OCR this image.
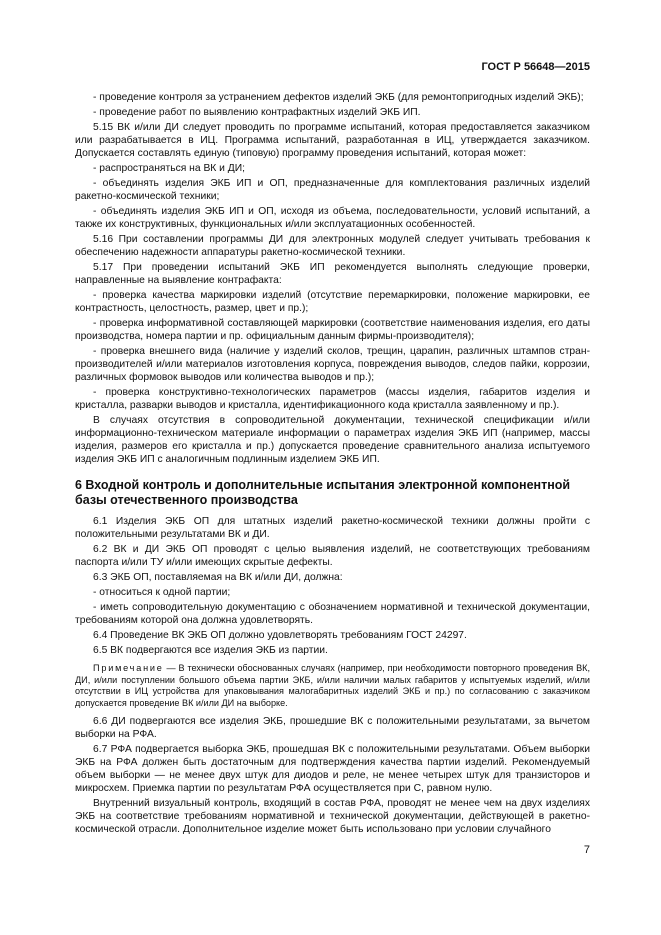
ГОСТ Р 56648—2015

- проведение контроля за устранением дефектов изделий ЭКБ (для ремонтопригодных изделий ЭКБ);

- проведение работ по выявлению контрафактных изделий ЭКБ ИП.

5.15 ВК и/или ДИ следует проводить по программе испытаний, которая предоставляется заказчиком или разрабатывается в ИЦ. Программа испытаний, разработанная в ИЦ, утверждается заказчиком. Допускается составлять единую (типовую) программу проведения испытаний, которая может:

- распространяться на ВК и ДИ;

- объединять изделия ЭКБ ИП и ОП, предназначенные для комплектования различных изделий ракетно-космической техники;

- объединять изделия ЭКБ ИП и ОП, исходя из объема, последовательности, условий испытаний, а также их конструктивных, функциональных и/или эксплуатационных особенностей.

5.16 При составлении программы ДИ для электронных модулей следует учитывать требования к обеспечению надежности аппаратуры ракетно-космической техники.

5.17 При проведении испытаний ЭКБ ИП рекомендуется выполнять следующие проверки, направленные на выявление контрафакта:

- проверка качества маркировки изделий (отсутствие перемаркировки, положение маркировки, ее контрастность, целостность, размер, цвет и пр.);

- проверка информативной составляющей маркировки (соответствие наименования изделия, его даты производства, номера партии и пр. официальным данным фирмы-производителя);

- проверка внешнего вида (наличие у изделий сколов, трещин, царапин, различных штампов стран-производителей и/или материалов изготовления корпуса, повреждения выводов, следов пайки, коррозии, различных формовок выводов или количества выводов и пр.);

- проверка конструктивно-технологических параметров (массы изделия, габаритов изделия и кристалла, разварки выводов и кристалла, идентификационного кода кристалла заявленному и пр.).

В случаях отсутствия в сопроводительной документации, технической спецификации и/или информационно-техническом материале информации о параметрах изделия ЭКБ ИП (например, массы изделия, размеров его кристалла и пр.) допускается проведение сравнительного анализа испытуемого изделия ЭКБ ИП с аналогичным подлинным изделием ЭКБ ИП.

6 Входной контроль и дополнительные испытания электронной компонентной базы отечественного производства

6.1 Изделия ЭКБ ОП для штатных изделий ракетно-космической техники должны пройти с положительными результатами ВК и ДИ.

6.2 ВК и ДИ ЭКБ ОП проводят с целью выявления изделий, не соответствующих требованиям паспорта и/или ТУ и/или имеющих скрытые дефекты.

6.3 ЭКБ ОП, поставляемая на ВК и/или ДИ, должна:

- относиться к одной партии;

- иметь сопроводительную документацию с обозначением нормативной и технической документации, требованиям которой она должна удовлетворять.

6.4 Проведение ВК ЭКБ ОП должно удовлетворять требованиям ГОСТ 24297.

6.5 ВК подвергаются все изделия ЭКБ из партии.

Примечание — В технически обоснованных случаях (например, при необходимости повторного проведения ВК, ДИ, и/или поступлении большого объема партии ЭКБ, и/или наличии малых габаритов у испытуемых изделий, и/или отсутствии в ИЦ устройства для упаковывания малогабаритных изделий ЭКБ и пр.) по согласованию с заказчиком допускается проведение ВК и/или ДИ на выборке.

6.6 ДИ подвергаются все изделия ЭКБ, прошедшие ВК с положительными результатами, за вычетом выборки на РФА.

6.7 РФА подвергается выборка ЭКБ, прошедшая ВК с положительными результатами. Объем выборки ЭКБ на РФА должен быть достаточным для подтверждения качества партии изделий. Рекомендуемый объем выборки — не менее двух штук для диодов и реле, не менее четырех штук для транзисторов и микросхем. Приемка партии по результатам РФА осуществляется при С, равном нулю.

Внутренний визуальный контроль, входящий в состав РФА, проводят не менее чем на двух изделиях ЭКБ на соответствие требованиям нормативной и технической документации, действующей в ракетно-космической отрасли. Дополнительное изделие может быть использовано при условии случайного

7
